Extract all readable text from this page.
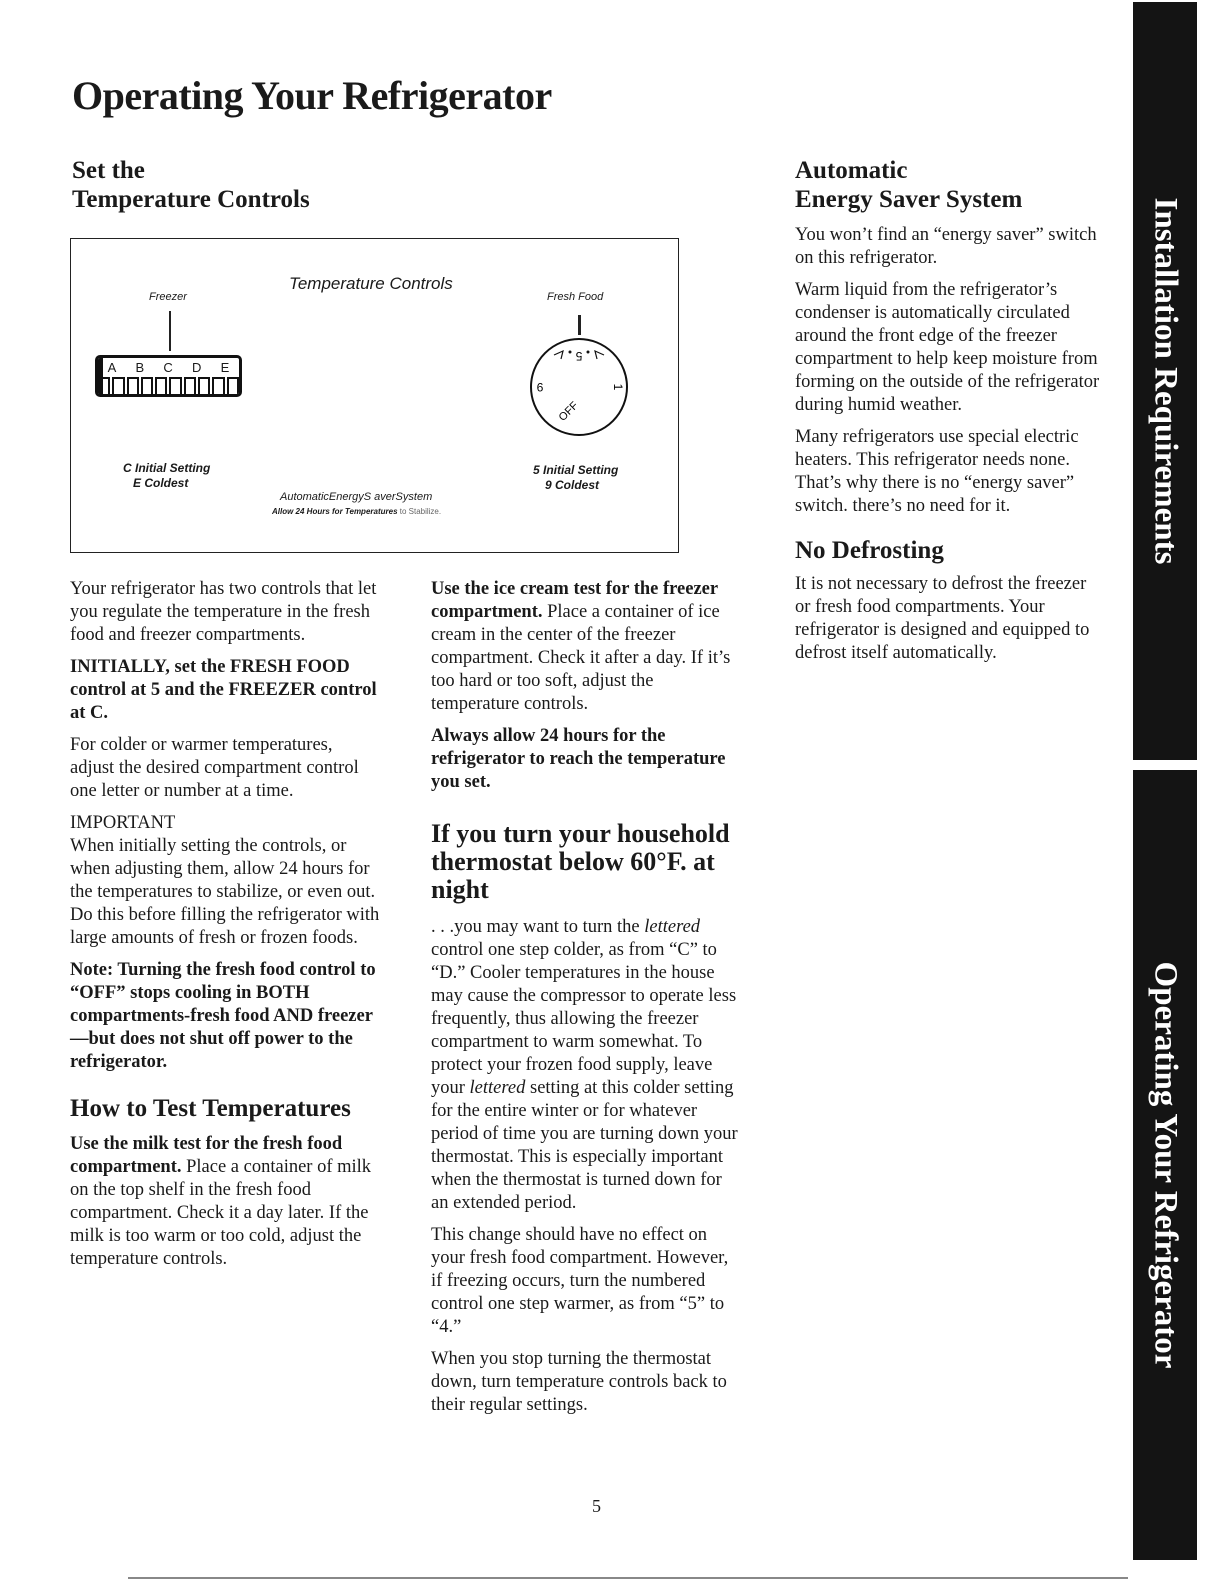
Operating Your Refrigerator
Set the
Temperature Controls
Temperature Controls
Freezer
A B C D E
C Initial Setting
E Coldest
Fresh Food
5
1
9
OFF
5 Initial Setting
9 Coldest
AutomaticEnergyS averSystem
Allow 24 Hours for Temperatures to Stabilize.

Your refrigerator has two controls that let you regulate the temperature in the fresh food and freezer compartments.

INITIALLY, set the FRESH FOOD control at 5 and the FREEZER control at C.

For colder or warmer temperatures, adjust the desired compartment control one letter or number at a time.

IMPORTANT
When initially setting the controls, or when adjusting them, allow 24 hours for the temperatures to stabilize, or even out. Do this before filling the refrigerator with large amounts of fresh or frozen foods.

Note: Turning the fresh food control to “OFF” stops cooling in BOTH compartments-fresh food AND freezer—but does not shut off power to the refrigerator.

How to Test Temperatures

Use the milk test for the fresh food compartment. Place a container of milk on the top shelf in the fresh food compartment. Check it a day later. If the milk is too warm or too cold, adjust the temperature controls.

Use the ice cream test for the freezer compartment. Place a container of ice cream in the center of the freezer compartment. Check it after a day. If it’s too hard or too soft, adjust the temperature controls.

Always allow 24 hours for the refrigerator to reach the temperature you set.

If you turn your household thermostat below 60°F. at night

. . .you may want to turn the lettered control one step colder, as from “C” to “D.” Cooler temperatures in the house may cause the compressor to operate less frequently, thus allowing the freezer compartment to warm somewhat. To protect your frozen food supply, leave your lettered setting at this colder setting for the entire winter or for whatever period of time you are turning down your thermostat. This is especially important when the thermostat is turned down for an extended period.

This change should have no effect on your fresh food compartment. However, if freezing occurs, turn the numbered control one step warmer, as from “5” to “4.”

When you stop turning the thermostat down, turn temperature controls back to their regular settings.

Automatic
Energy Saver System

You won’t find an “energy saver” switch on this refrigerator.

Warm liquid from the refrigerator’s condenser is automatically circulated around the front edge of the freezer compartment to help keep moisture from forming on the outside of the refrigerator during humid weather.

Many refrigerators use special electric heaters. This refrigerator needs none. That’s why there is no “energy saver” switch. there’s no need for it.

No Defrosting

It is not necessary to defrost the freezer or fresh food compartments. Your refrigerator is designed and equipped to defrost itself automatically.

Installation Requirements
Operating Your Refrigerator
5
